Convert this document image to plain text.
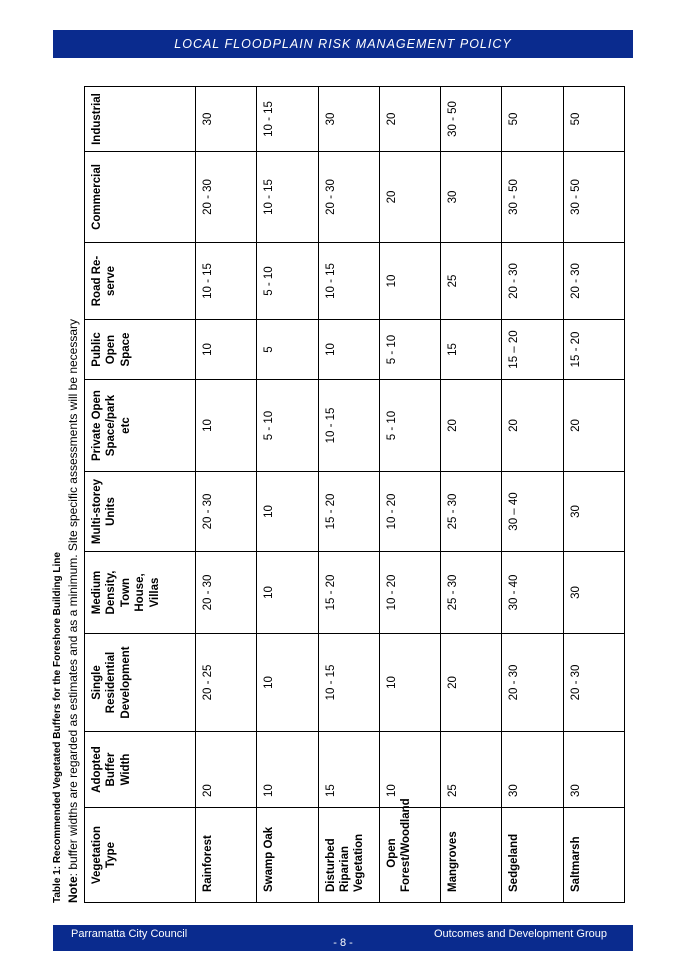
LOCAL FLOODPLAIN RISK MANAGEMENT POLICY
Table 1: Recommended Vegetated Buffers for the Foreshore Building Line Note: buffer widths are regarded as estimates and as a minimum. Site specific assessments will be necessary Vegetation Type	Adopted Buffer Width	Single Residential Development	Medium Density, Town House, Villas	Multi-storey Units	Private Open Space/park etc	Public Open Space	Road Re-serve	Commercial	Industrial
Rainforest	20	20 - 25	20 - 30	20 - 30	10	10	10 - 15	20 - 30	30
Swamp Oak	10	10	10	10	5 - 10	5	5 - 10	10 - 15	10 - 15
Disturbed Riparian Vegetation	15	10 - 15	15 - 20	15 - 20	10 - 15	10	10 - 15	20 - 30	30
Open Forest/Woodland	10	10	10 - 20	10 - 20	5 - 10	5 - 10	10	20	20
Mangroves	25	20	25 - 30	25 - 30	20	15	25	30	30 - 50
Sedgeland	30	20 - 30	30 - 40	30 – 40	20	15 – 20	20 - 30	30 - 50	50
Saltmarsh	30	20 - 30	30	30	20	15 - 20	20 - 30	30 - 50	50
Parramatta City Council	Outcomes and Development Group
- 8 -
